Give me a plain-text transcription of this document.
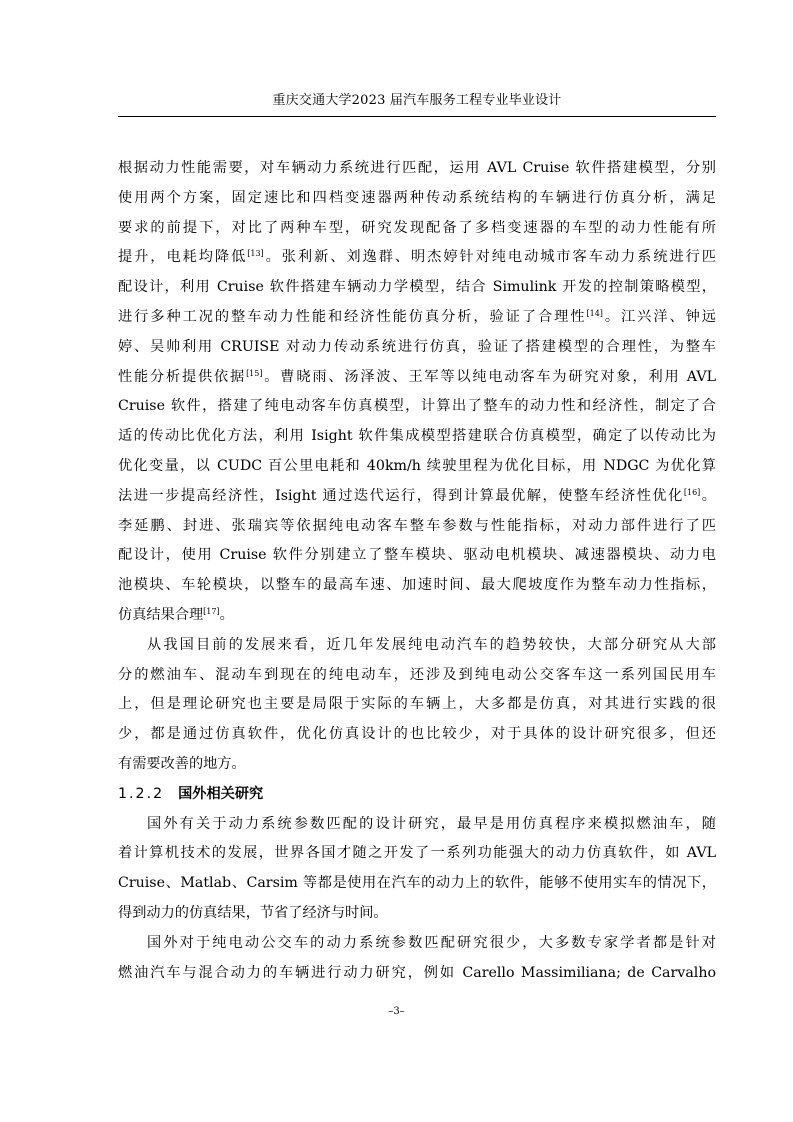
重庆交通大学2023 届汽车服务工程专业毕业设计
根据动力性能需要，对车辆动力系统进行匹配，运用 AVL Cruise 软件搭建模型，分别
使用两个方案，固定速比和四档变速器两种传动系统结构的车辆进行仿真分析，满足
要求的前提下，对比了两种车型，研究发现配备了多档变速器的车型的动力性能有所
提升，电耗均降低[13]。张利新、刘逸群、明杰婷针对纯电动城市客车动力系统进行匹
配设计，利用 Cruise 软件搭建车辆动力学模型，结合 Simulink 开发的控制策略模型，
进行多种工况的整车动力性能和经济性能仿真分析，验证了合理性[14]。江兴洋、钟远
婷、吴帅利用 CRUISE 对动力传动系统进行仿真，验证了搭建模型的合理性，为整车
性能分析提供依据[15]。曹晓雨、汤泽波、王军等以纯电动客车为研究对象，利用 AVL
Cruise 软件，搭建了纯电动客车仿真模型，计算出了整车的动力性和经济性，制定了合
适的传动比优化方法，利用 Isight 软件集成模型搭建联合仿真模型，确定了以传动比为
优化变量，以 CUDC 百公里电耗和 40km/h 续驶里程为优化目标，用 NDGC 为优化算
法进一步提高经济性，Isight 通过迭代运行，得到计算最优解，使整车经济性优化[16]。
李延鹏、封进、张瑞宾等依据纯电动客车整车参数与性能指标，对动力部件进行了匹
配设计，使用 Cruise 软件分别建立了整车模块、驱动电机模块、减速器模块、动力电
池模块、车轮模块，以整车的最高车速、加速时间、最大爬坡度作为整车动力性指标，
仿真结果合理[17]。
从我国目前的发展来看，近几年发展纯电动汽车的趋势较快，大部分研究从大部
分的燃油车、混动车到现在的纯电动车，还涉及到纯电动公交客车这一系列国民用车
上，但是理论研究也主要是局限于实际的车辆上，大多都是仿真，对其进行实践的很
少，都是通过仿真软件，优化仿真设计的也比较少，对于具体的设计研究很多，但还
有需要改善的地方。
1.2.2 国外相关研究
国外有关于动力系统参数匹配的设计研究，最早是用仿真程序来模拟燃油车，随
着计算机技术的发展，世界各国才随之开发了一系列功能强大的动力仿真软件，如 AVL
Cruise、Matlab、Carsim 等都是使用在汽车的动力上的软件，能够不使用实车的情况下，
得到动力的仿真结果，节省了经济与时间。
国外对于纯电动公交车的动力系统参数匹配研究很少，大多数专家学者都是针对
燃油汽车与混合动力的车辆进行动力研究，例如 Carello Massimiliana; de Carvalho
–3–
